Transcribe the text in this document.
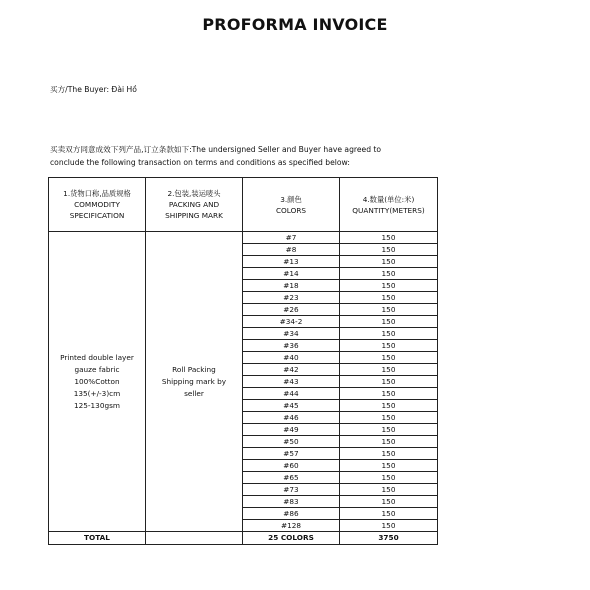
PROFORMA INVOICE
买方/The Buyer: Đài Hồ
买卖双方同意成效下列产品,订立条款如下:The undersigned Seller and Buyer have agreed to
conclude the following transaction on terms and conditions as specified below:
1.货物口称,品质规格
COMMODITY
SPECIFICATION	2.包装,装运唛头
PACKING AND
SHIPPING MARK	3.颜色
COLORS	4.数量(单位:米)
QUANTITY(METERS)

Printed double layer
gauze fabric
100%Cotton
135(+/-3)cm
125-130gsm	Roll Packing
Shipping mark by
seller	#7	150
		#8	150
		#13	150
		#14	150
		#18	150
		#23	150
		#26	150
		#34-2	150
		#34	150
		#36	150
		#40	150
		#42	150
		#43	150
		#44	150
		#45	150
		#46	150
		#49	150
		#50	150
		#57	150
		#60	150
		#65	150
		#73	150
		#83	150
		#86	150
		#128	150
TOTAL		25 COLORS	3750
